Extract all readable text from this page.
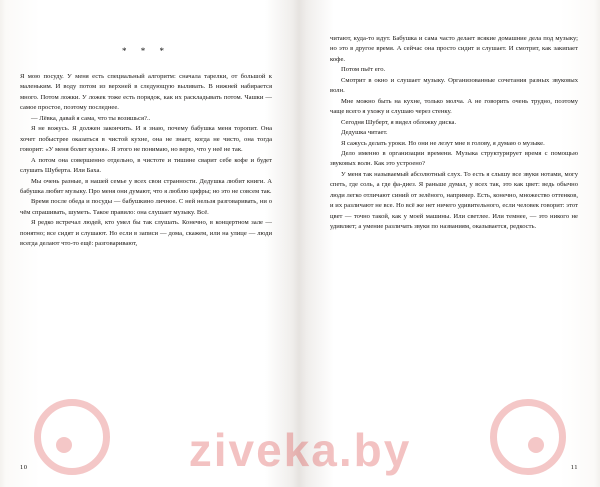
* * *

Я мою посуду. У меня есть специальный алгоритм: сначала тарелки, от большой к маленьким. И воду потом из верхней в следующую выливать. В нижней набирается много. Потом ложки. У ложек тоже есть порядок, как их раскладывать потом. Чашки — самое простое, поэтому последнее.

— Лёвка, давай я сама, что ты возишься?..

Я не вожусь. Я должен закончить. И я знаю, почему бабушка меня торопит. Она хочет побыстрее оказаться в чистой кухне, она не знает, когда не чисто, она тогда говорит: «У меня болит кухня». Я этого не понимаю, но верю, что у неё не так.

А потом она совершенно отдельно, в чистоте и тишине сварит себе кофе и будет слушать Шуберта. Или Баха.

Мы очень разные, в нашей семье у всех свои странности. Дедушка любит книги. А бабушка любит музыку. Про меня они думают, что я люблю цифры; но это не совсем так.

Время после обеда и посуды — бабушкино личное. С ней нельзя разговаривать, ни о чём спрашивать, шуметь. Такое правило: она слушает музыку. Всё.

Я редко встречал людей, кто умел бы так слушать. Конечно, в концертном зале — понятно; все сидят и слушают. Но если в записи — дома, скажем, или на улице — люди всегда делают что-то ещё: разговаривают,

10

читают, куда-то идут. Бабушка и сама часто делает всякие домашние дела под музыку; но это в другое время. А сейчас она просто сидит и слушает. И смотрит, как закипает кофе.

Потом пьёт его.

Смотрит в окно и слушает музыку. Организованные сочетания разных звуковых волн.

Мне можно быть на кухне, только молча. А не говорить очень трудно, поэтому чаще всего я ухожу и слушаю через стенку.

Сегодня Шуберт, я видел обложку диска.

Дедушка читает.

Я сажусь делать уроки. Но они не лезут мне в голову, я думаю о музыке.

Дело именно в организации времени. Музыка структурирует время с помощью звуковых волн. Как это устроено?

У меня так называемый абсолютный слух. То есть я слышу все звуки нотами, могу спеть, где соль, а где фа-диез. Я раньше думал, у всех так, это как цвет: ведь обычно люди легко отличают синий от зелёного, например. Есть, конечно, множество оттенков, и их различают не все. Но всё же нет ничего удивительного, если человек говорит: этот цвет — точно такой, как у моей машины. Или светлее. Или темнее, — это никого не удивляет; а умение различать звуки по названиям, оказывается, редкость.

11
ziveka.by
